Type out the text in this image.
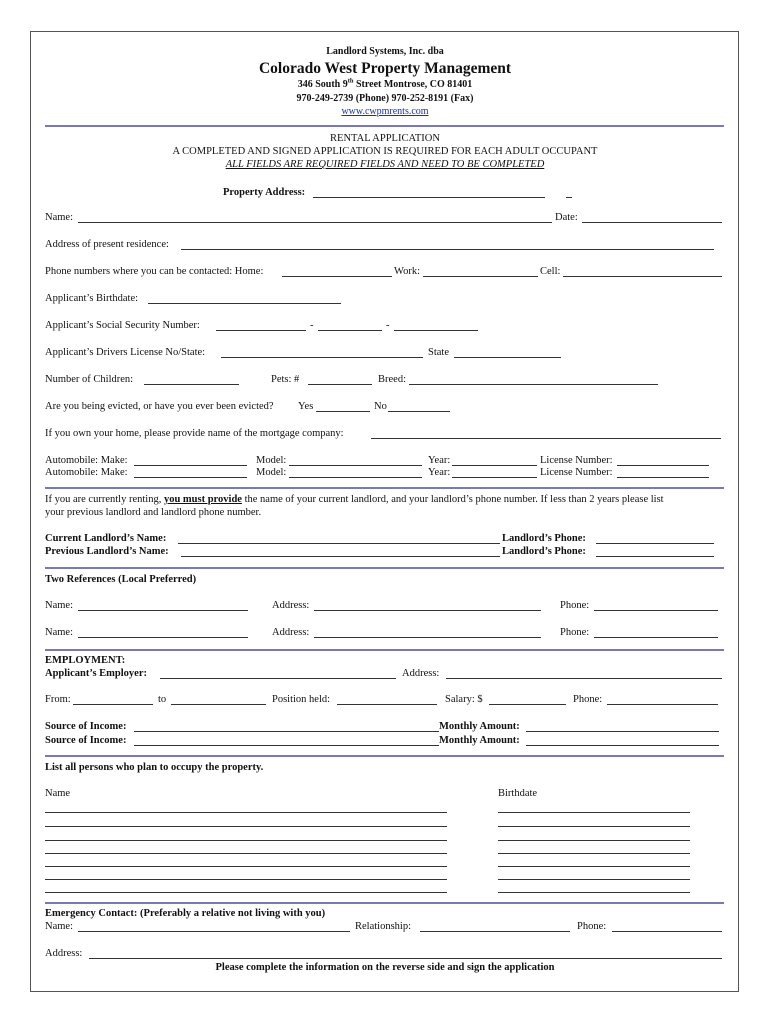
Landlord Systems, Inc. dba
Colorado West Property Management
346 South 9th Street Montrose, CO 81401
970-249-2739 (Phone) 970-252-8191 (Fax)
www.cwpmrents.com
RENTAL APPLICATION
A COMPLETED AND SIGNED APPLICATION IS REQUIRED FOR EACH ADULT OCCUPANT
ALL FIELDS ARE REQUIRED FIELDS AND NEED TO BE COMPLETED
Property Address:
Name:	Date:
Address of present residence:
Phone numbers where you can be contacted: Home:	Work:	Cell:
Applicant’s Birthdate:
Applicant’s Social Security Number:	-	-
Applicant’s Drivers License No/State:	State
Number of Children:	Pets: #	Breed:
Are you being evicted, or have you ever been evicted? Yes	No
If you own your home, please provide name of the mortgage company:
Automobile: Make:	Model:	Year:	License Number:
Automobile: Make:	Model:	Year:	License Number:
If you are currently renting, you must provide the name of your current landlord, and your landlord’s phone number. If less than 2 years please list
your previous landlord and landlord phone number.
Current Landlord’s Name:	Landlord’s Phone:
Previous Landlord’s Name:	Landlord’s Phone:
Two References (Local Preferred)
Name:	Address:	Phone:
Name:	Address:	Phone:
EMPLOYMENT:
Applicant’s Employer:	Address:
From:	to	Position held:	Salary: $	Phone:
Source of Income:	Monthly Amount:
Source of Income:	Monthly Amount:
List all persons who plan to occupy the property.
Name	Birthdate
Emergency Contact: (Preferably a relative not living with you)
Name:	Relationship:	Phone:
Address:
Please complete the information on the reverse side and sign the application
